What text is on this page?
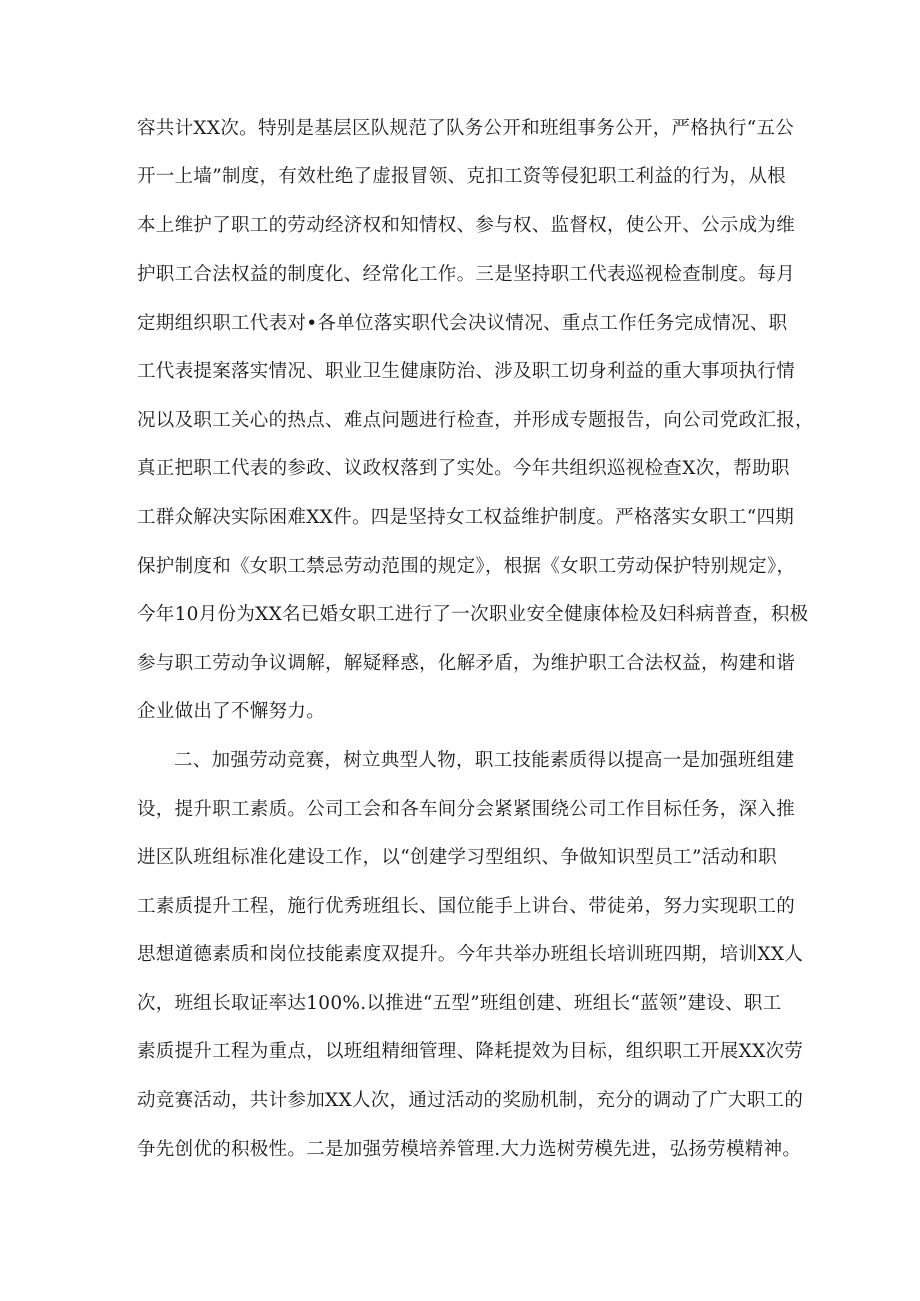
容共计XX次。特别是基层区队规范了队务公开和班组事务公开，严格执行“五公
开一上墙”制度，有效杜绝了虚报冒领、克扣工资等侵犯职工利益的行为，从根
本上维护了职工的劳动经济权和知情权、参与权、监督权，使公开、公示成为维
护职工合法权益的制度化、经常化工作。三是坚持职工代表巡视检查制度。每月
定期组织职工代表对•各单位落实职代会决议情况、重点工作任务完成情况、职
工代表提案落实情况、职业卫生健康防治、涉及职工切身利益的重大事项执行情
况以及职工关心的热点、难点问题进行检查，并形成专题报告，向公司党政汇报，
真正把职工代表的参政、议政权落到了实处。今年共组织巡视检查X次，帮助职
工群众解决实际困难XX件。四是坚持女工权益维护制度。严格落实女职工“四期
保护制度和《女职工禁忌劳动范围的规定》，根据《女职工劳动保护特别规定》，
今年10月份为XX名已婚女职工进行了一次职业安全健康体检及妇科病普查，积极
参与职工劳动争议调解，解疑释惑，化解矛盾，为维护职工合法权益，构建和谐
企业做出了不懈努力。
二、加强劳动竞赛，树立典型人物，职工技能素质得以提高一是加强班组建
设，提升职工素质。公司工会和各车间分会紧紧围绕公司工作目标任务，深入推
进区队班组标准化建设工作，以“创建学习型组织、争做知识型员工”活动和职
工素质提升工程，施行优秀班组长、国位能手上讲台、带徒弟，努力实现职工的
思想道德素质和岗位技能素度双提升。今年共举办班组长培训班四期，培训XX人
次，班组长取证率达100%.以推进“五型”班组创建、班组长“蓝领”建设、职工
素质提升工程为重点，以班组精细管理、降耗提效为目标，组织职工开展XX次劳
动竞赛活动，共计参加XX人次，通过活动的奖励机制，充分的调动了广大职工的
争先创优的积极性。二是加强劳模培养管理.大力选树劳模先进，弘扬劳模精神。
